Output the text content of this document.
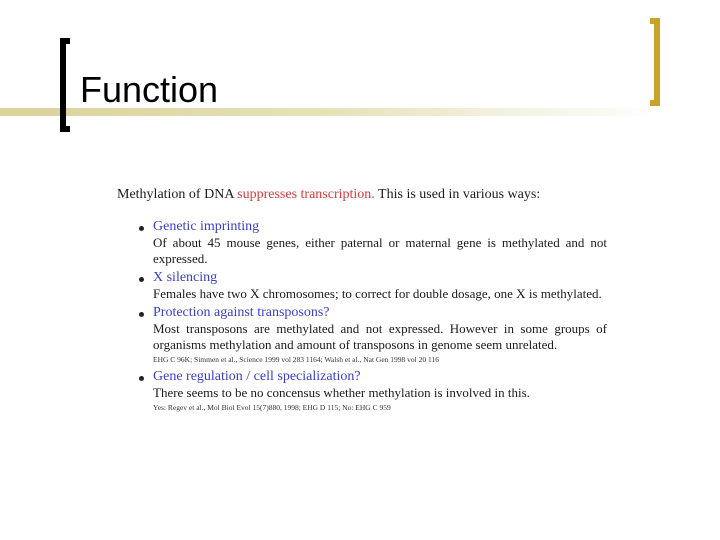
Function
Methylation of DNA suppresses transcription. This is used in various ways:
Genetic imprinting
Of about 45 mouse genes, either paternal or maternal gene is methylated and not expressed.
X silencing
Females have two X chromosomes; to correct for double dosage, one X is methylated.
Protection against transposons?
Most transposons are methylated and not expressed. However in some groups of organisms methylation and amount of transposons in genome seem unrelated.
EHG C 96K; Simmen et al., Science 1999 vol 283 1164; Walsh et al., Nat Gen 1998 vol 20 116
Gene regulation / cell specialization?
There seems to be no concensus whether methylation is involved in this.
Yes: Regev et al., Mol Biol Evol 15(7)880, 1998; EHG D 115; No: EHG C 959
